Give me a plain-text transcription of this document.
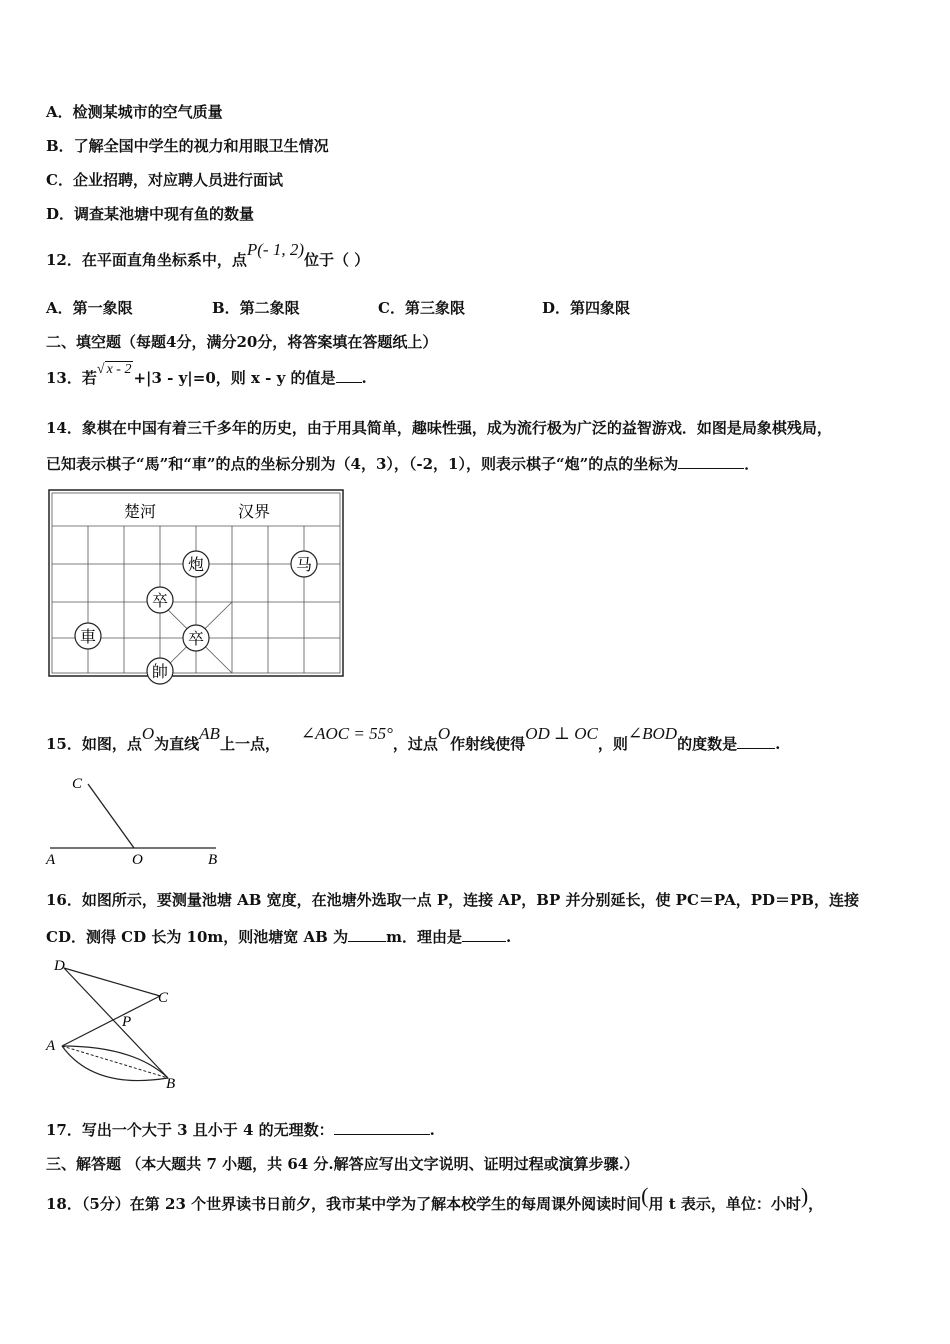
A．检测某城市的空气质量
B．了解全国中学生的视力和用眼卫生情况
C．企业招聘，对应聘人员进行面试
D．调查某池塘中现有鱼的数量
12．在平面直角坐标系中，点P(- 1, 2)位于（ ）
A．第一象限	B．第二象限	C．第三象限	D．第四象限
二、填空题（每题4分，满分20分，将答案填在答题纸上）
13．若√ x - 2 +|3 - y|=0，则 x - y 的值是 .
14．象棋在中国有着三千多年的历史，由于用具简单，趣味性强，成为流行极为广泛的益智游戏．如图是局象棋残局，
已知表示棋子“馬”和“車”的点的坐标分别为（4，3），（-2，1），则表示棋子“炮”的点的坐标为	．
楚河	汉界
炮	马
卒
車	卒
帥
15．如图，点O为直线AB上一点，    ∠AOC = 55°，过点O作射线使得OD ⊥ OC，则∠BOD的度数是	.
C
A	O	B
16．如图所示，要测量池塘 AB 宽度，在池塘外选取一点 P，连接 AP，BP 并分别延长，使 PC＝PA，PD＝PB，连接
CD．测得 CD 长为 10m，则池塘宽 AB 为	m．理由是	.
D
C
P
A
B
17．写出一个大于 3 且小于 4 的无理数：	.
三、解答题 （本大题共 7 小题，共 64 分.解答应写出文字说明、证明过程或演算步骤.）
18．（5分）在第 23 个世界读书日前夕，我市某中学为了解本校学生的每周课外阅读时间(用 t 表示，单位：小时)，
